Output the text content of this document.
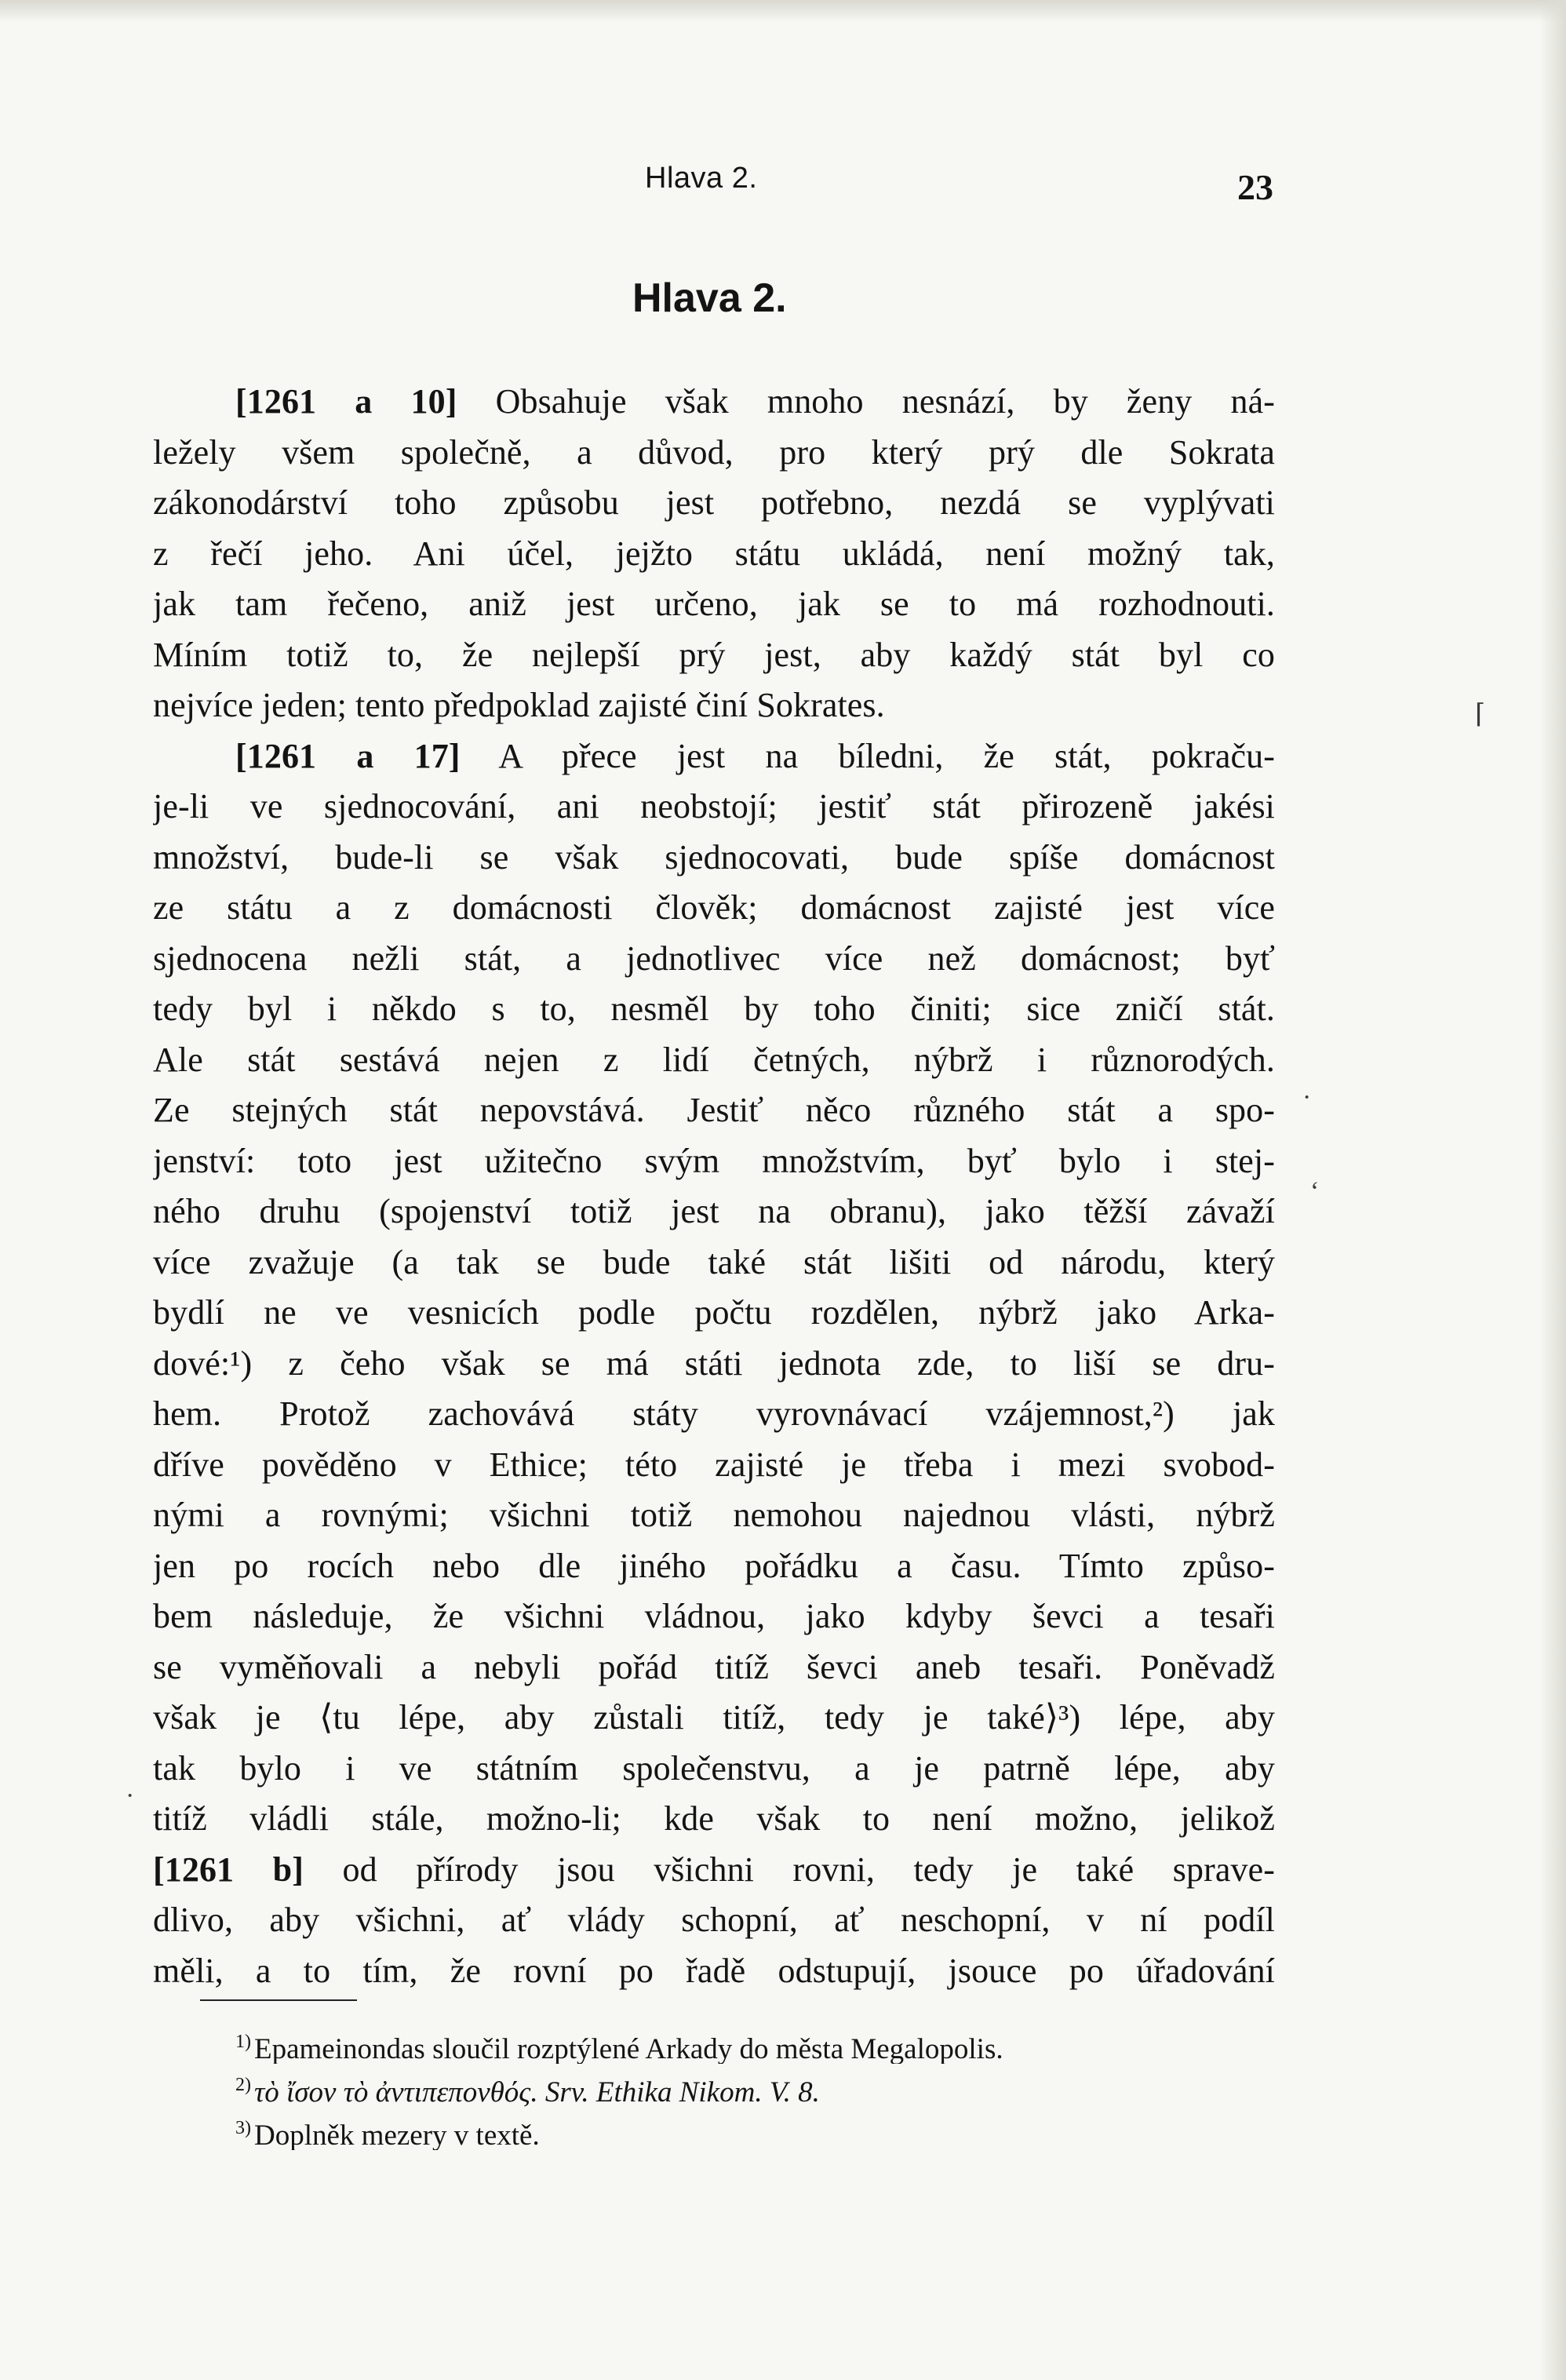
Hlava 2.	23
Hlava 2.
[1261 a 10] Obsahuje však mnoho nesnází, by ženy ná-
ležely všem společně, a důvod, pro který prý dle Sokrata
zákonodárství toho způsobu jest potřebno, nezdá se vyplývati
z řečí jeho. Ani účel, jejžto státu ukládá, není možný tak,
jak tam řečeno, aniž jest určeno, jak se to má rozhodnouti.
Míním totiž to, že nejlepší prý jest, aby každý stát byl co
nejvíce jeden; tento předpoklad zajisté činí Sokrates.
[1261 a 17] A přece jest na bíledni, že stát, pokraču-
je-li ve sjednocování, ani neobstojí; jestiť stát přirozeně jakési
množství, bude-li se však sjednocovati, bude spíše domácnost
ze státu a z domácnosti člověk; domácnost zajisté jest více
sjednocena nežli stát, a jednotlivec více než domácnost; byť
tedy byl i někdo s to, nesměl by toho činiti; sice zničí stát.
Ale stát sestává nejen z lidí četných, nýbrž i různorodých.
Ze stejných stát nepovstává. Jestiť něco různého stát a spo-
jenství: toto jest užitečno svým množstvím, byť bylo i stej-
ného druhu (spojenství totiž jest na obranu), jako těžší závaží
více zvažuje (a tak se bude také stát lišiti od národu, který
bydlí ne ve vesnicích podle počtu rozdělen, nýbrž jako Arka-
dové:¹) z čeho však se má státi jednota zde, to liší se dru-
hem. Protož zachovává státy vyrovnávací vzájemnost,²) jak
dříve pověděno v Ethice; této zajisté je třeba i mezi svobod-
nými a rovnými; všichni totiž nemohou najednou vlásti, nýbrž
jen po rocích nebo dle jiného pořádku a času. Tímto způso-
bem následuje, že všichni vládnou, jako kdyby ševci a tesaři
se vyměňovali a nebyli pořád titíž ševci aneb tesaři. Poněvadž
však je ⟨tu lépe, aby zůstali titíž, tedy je také⟩³) lépe, aby
tak bylo i ve státním společenstvu, a je patrně lépe, aby
titíž vládli stále, možno-li; kde však to není možno, jelikož
[1261 b] od přírody jsou všichni rovni, tedy je také sprave-
dlivo, aby všichni, ať vlády schopní, ať neschopní, v ní podíl
měli, a to tím, že rovní po řadě odstupují, jsouce po úřadování
$^{1)}$ Epameinondas sloučil rozptýlené Arkady do města Megalopolis.
$^{2)}$ τὸ ἴσον τὸ ἀντιπεπονθός. Srv. Ethika Nikom. V. 8.
$^{3)}$ Doplněk mezery v textě.
⌈
·
‘
·
